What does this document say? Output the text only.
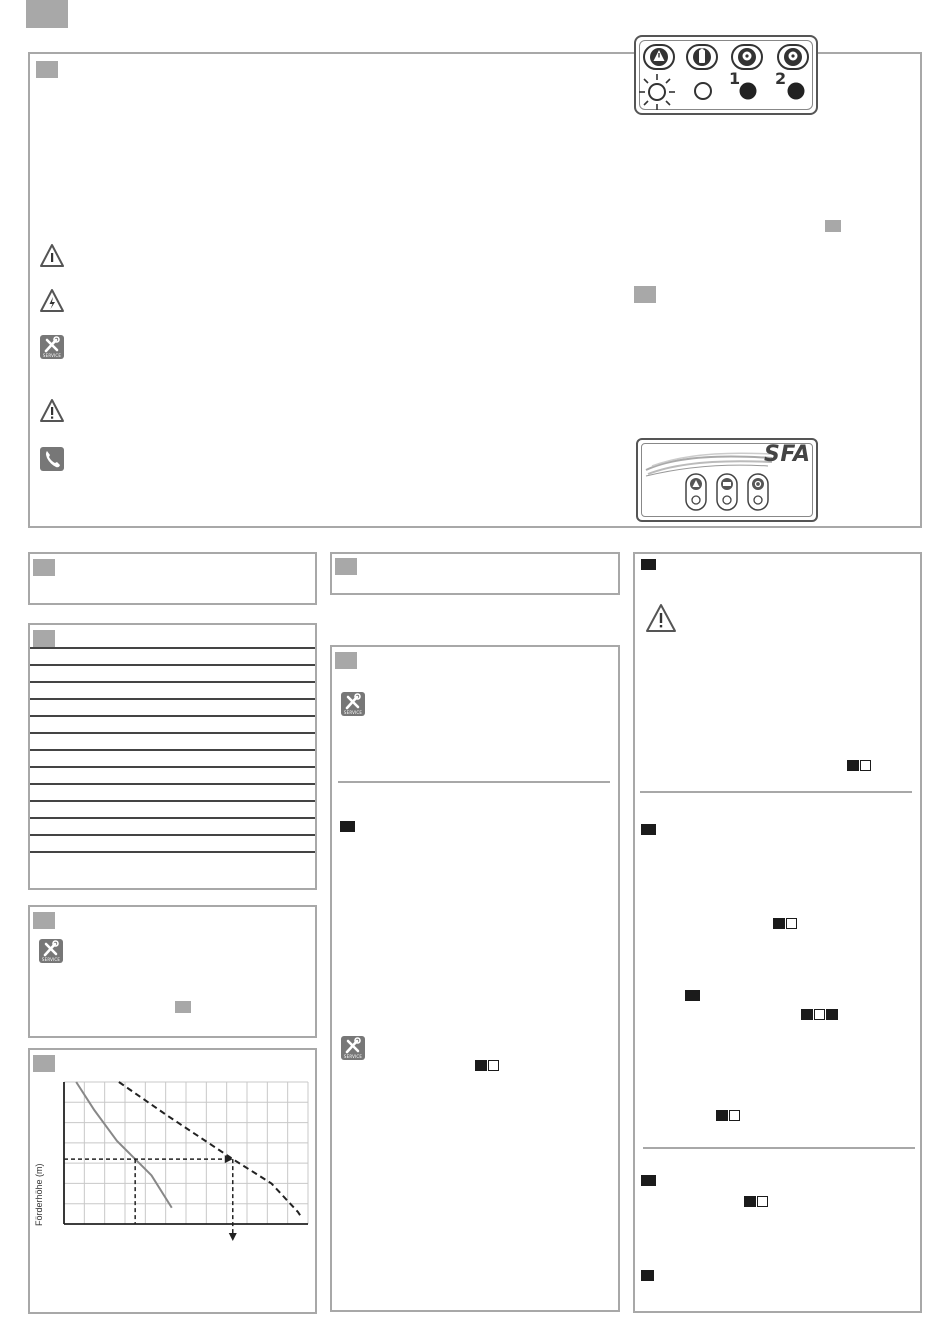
SERVICE
1 2
SFA
SERVICE
Förderhöhe (m)
SERVICE
SERVICE
